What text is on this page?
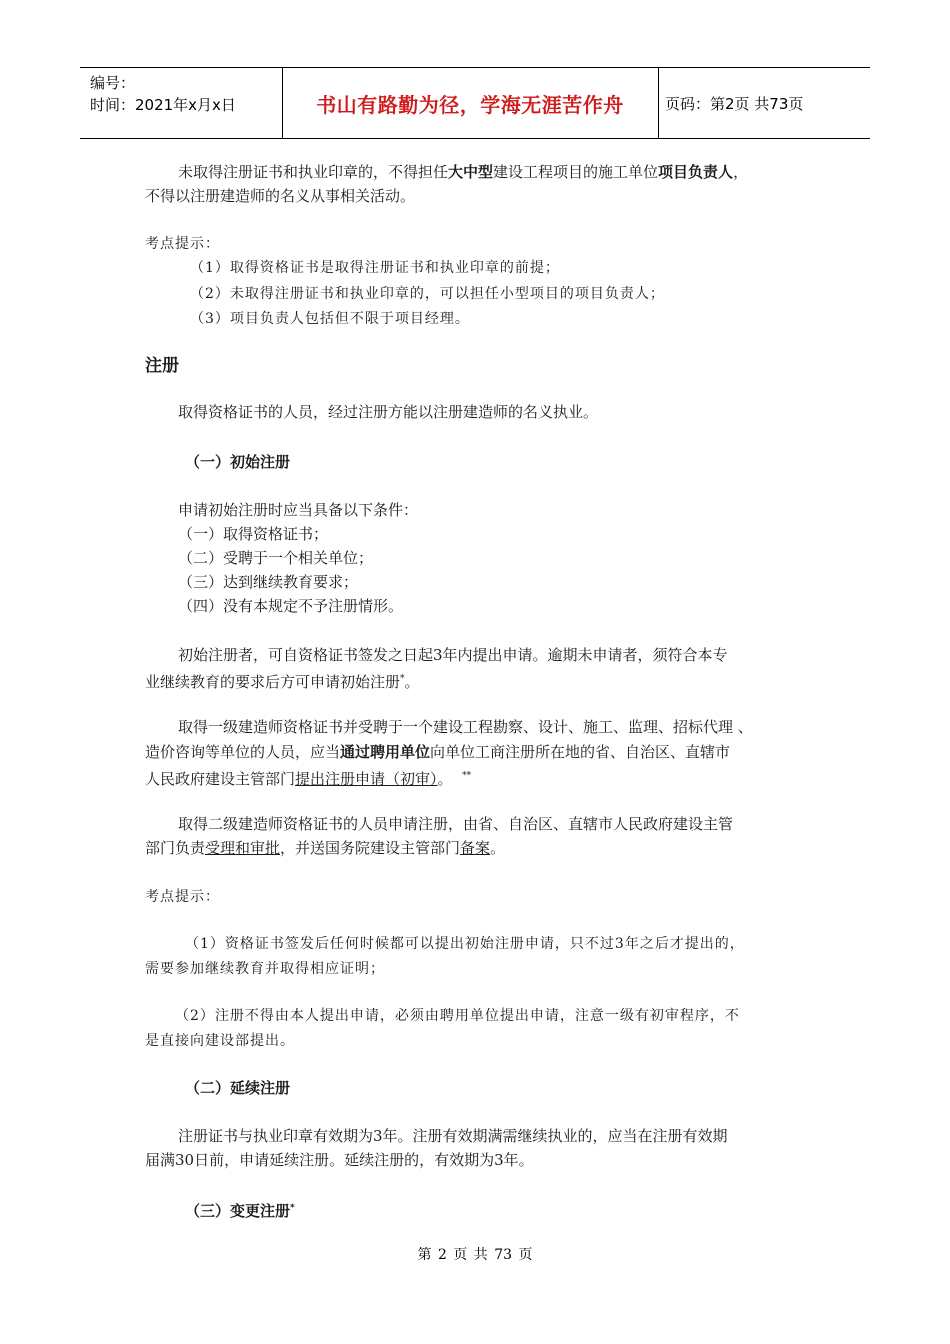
编号：
时间：2021年x月x日	书山有路勤为径，学海无涯苦作舟	页码：第2页 共73页
未取得注册证书和执业印章的，不得担任大中型建设工程项目的施工单位项目负责人，
不得以注册建造师的名义从事相关活动。
考点提示：
（1）取得资格证书是取得注册证书和执业印章的前提；
（2）未取得注册证书和执业印章的，可以担任小型项目的项目负责人；
（3）项目负责人包括但不限于项目经理。
注册
取得资格证书的人员，经过注册方能以注册建造师的名义执业。
（一）初始注册
申请初始注册时应当具备以下条件：
（一）取得资格证书；
（二）受聘于一个相关单位；
（三）达到继续教育要求；
（四）没有本规定不予注册情形。
初始注册者，可自资格证书签发之日起3年内提出申请。逾期未申请者，须符合本专
业继续教育的要求后方可申请初始注册*。
取得一级建造师资格证书并受聘于一个建设工程勘察、设计、施工、监理、招标代理 、
造价咨询等单位的人员，应当通过聘用单位向单位工商注册所在地的省、自治区、直辖市
人民政府建设主管部门提出注册申请（初审）。 **
取得二级建造师资格证书的人员申请注册，由省、自治区、直辖市人民政府建设主管
部门负责受理和审批，并送国务院建设主管部门备案。
考点提示：
（1）资格证书签发后任何时候都可以提出初始注册申请，只不过3年之后才提出的，
需要参加继续教育并取得相应证明；
（2）注册不得由本人提出申请，必须由聘用单位提出申请，注意一级有初审程序，不
是直接向建设部提出。
（二）延续注册
注册证书与执业印章有效期为3年。注册有效期满需继续执业的，应当在注册有效期
届满30日前，申请延续注册。延续注册的，有效期为3年。
（三）变更注册*
第 2 页 共 73 页
